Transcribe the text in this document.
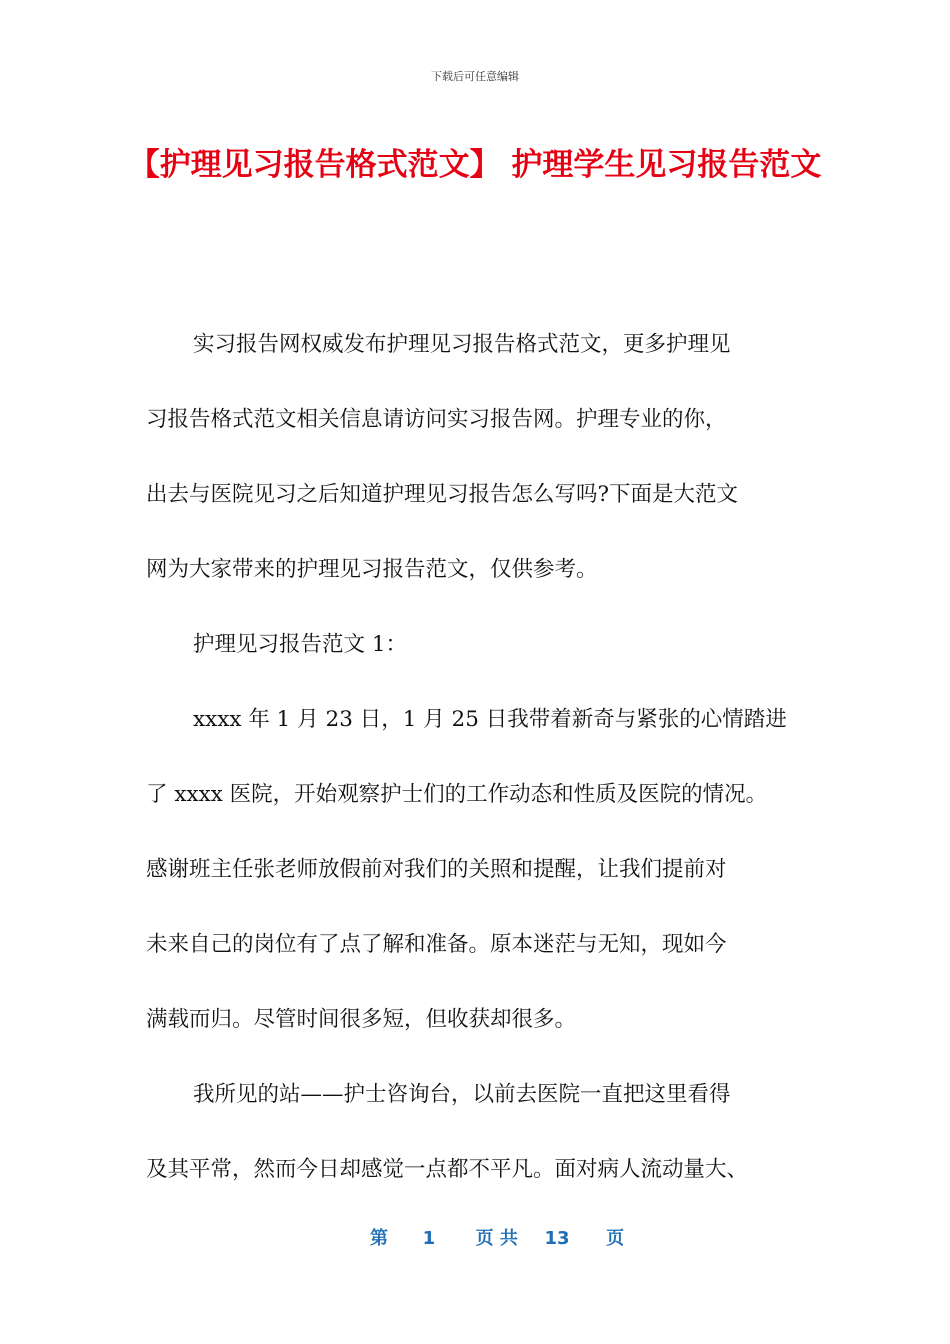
下载后可任意编辑
【护理见习报告格式范文】 护理学生见习报告范文
实习报告网权威发布护理见习报告格式范文，更多护理见
习报告格式范文相关信息请访问实习报告网。护理专业的你，
出去与医院见习之后知道护理见习报告怎么写吗?下面是大范文
网为大家带来的护理见习报告范文，仅供参考。
护理见习报告范文 1：
xxxx 年 1 月 23 日，1 月 25 日我带着新奇与紧张的心情踏进
了 xxxx 医院，开始观察护士们的工作动态和性质及医院的情况。
感谢班主任张老师放假前对我们的关照和提醒，让我们提前对
未来自己的岗位有了点了解和准备。原本迷茫与无知，现如今
满载而归。尽管时间很多短，但收获却很多。
我所见的站——护士咨询台，以前去医院一直把这里看得
及其平常，然而今日却感觉一点都不平凡。面对病人流动量大、
第 1 页 共 13 页
